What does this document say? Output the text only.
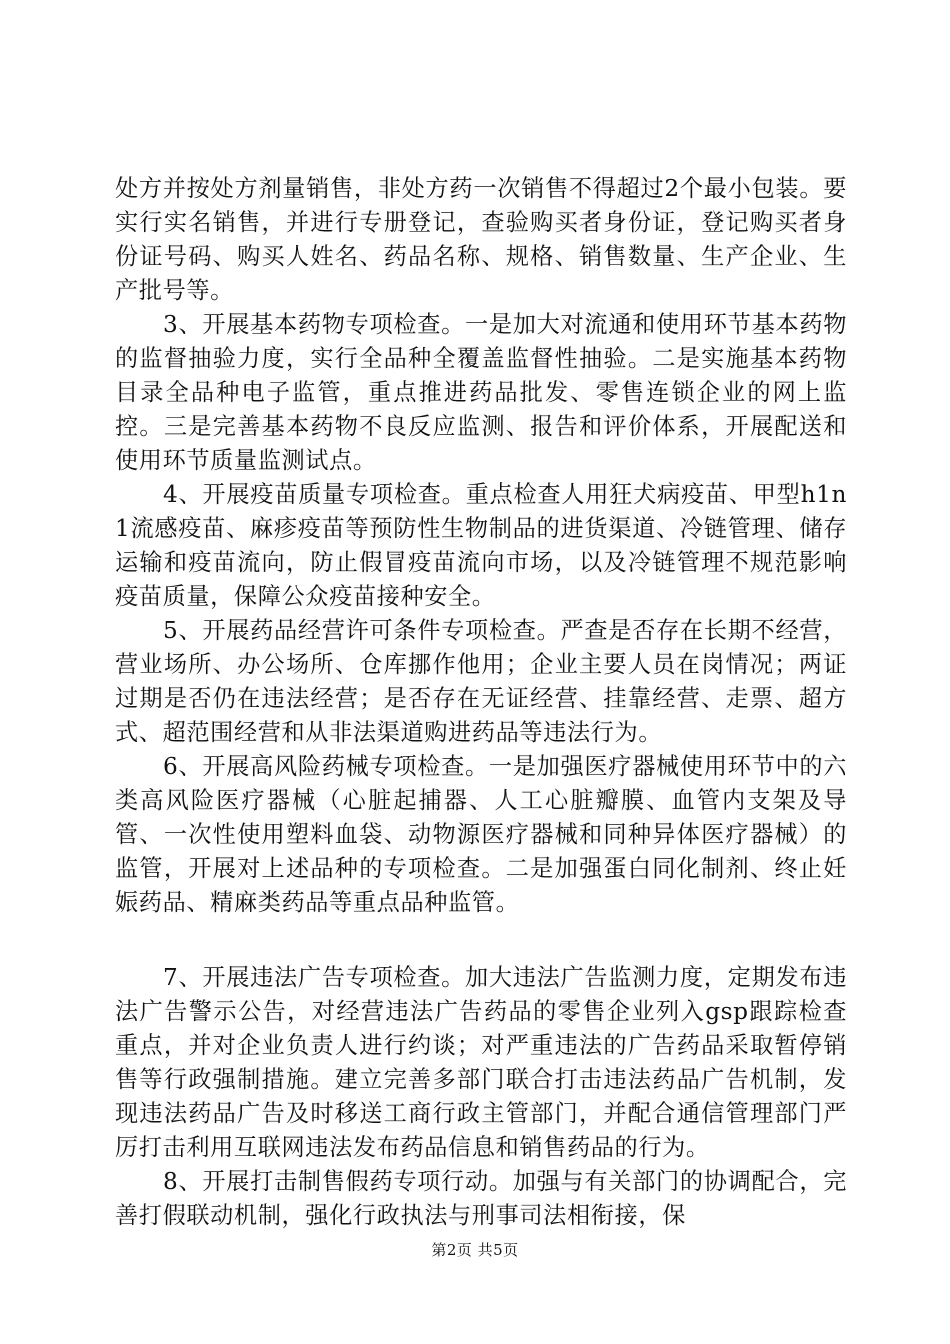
处方并按处方剂量销售，非处方药一次销售不得超过2个最小包装。要实行实名销售，并进行专册登记，查验购买者身份证，登记购买者身份证号码、购买人姓名、药品名称、规格、销售数量、生产企业、生产批号等。

3、开展基本药物专项检查。一是加大对流通和使用环节基本药物的监督抽验力度，实行全品种全覆盖监督性抽验。二是实施基本药物目录全品种电子监管，重点推进药品批发、零售连锁企业的网上监控。三是完善基本药物不良反应监测、报告和评价体系，开展配送和使用环节质量监测试点。

4、开展疫苗质量专项检查。重点检查人用狂犬病疫苗、甲型h1n1流感疫苗、麻疹疫苗等预防性生物制品的进货渠道、冷链管理、储存运输和疫苗流向，防止假冒疫苗流向市场，以及冷链管理不规范影响疫苗质量，保障公众疫苗接种安全。

5、开展药品经营许可条件专项检查。严查是否存在长期不经营，营业场所、办公场所、仓库挪作他用；企业主要人员在岗情况；两证过期是否仍在违法经营；是否存在无证经营、挂靠经营、走票、超方式、超范围经营和从非法渠道购进药品等违法行为。

6、开展高风险药械专项检查。一是加强医疗器械使用环节中的六类高风险医疗器械（心脏起捕器、人工心脏瓣膜、血管内支架及导管、一次性使用塑料血袋、动物源医疗器械和同种异体医疗器械）的监管，开展对上述品种的专项检查。二是加强蛋白同化制剂、终止妊娠药品、精麻类药品等重点品种监管。

7、开展违法广告专项检查。加大违法广告监测力度，定期发布违法广告警示公告，对经营违法广告药品的零售企业列入gsp跟踪检查重点，并对企业负责人进行约谈；对严重违法的广告药品采取暂停销售等行政强制措施。建立完善多部门联合打击违法药品广告机制，发现违法药品广告及时移送工商行政主管部门，并配合通信管理部门严厉打击利用互联网违法发布药品信息和销售药品的行为。

8、开展打击制售假药专项行动。加强与有关部门的协调配合，完善打假联动机制，强化行政执法与刑事司法相衔接，保

第2页 共5页
